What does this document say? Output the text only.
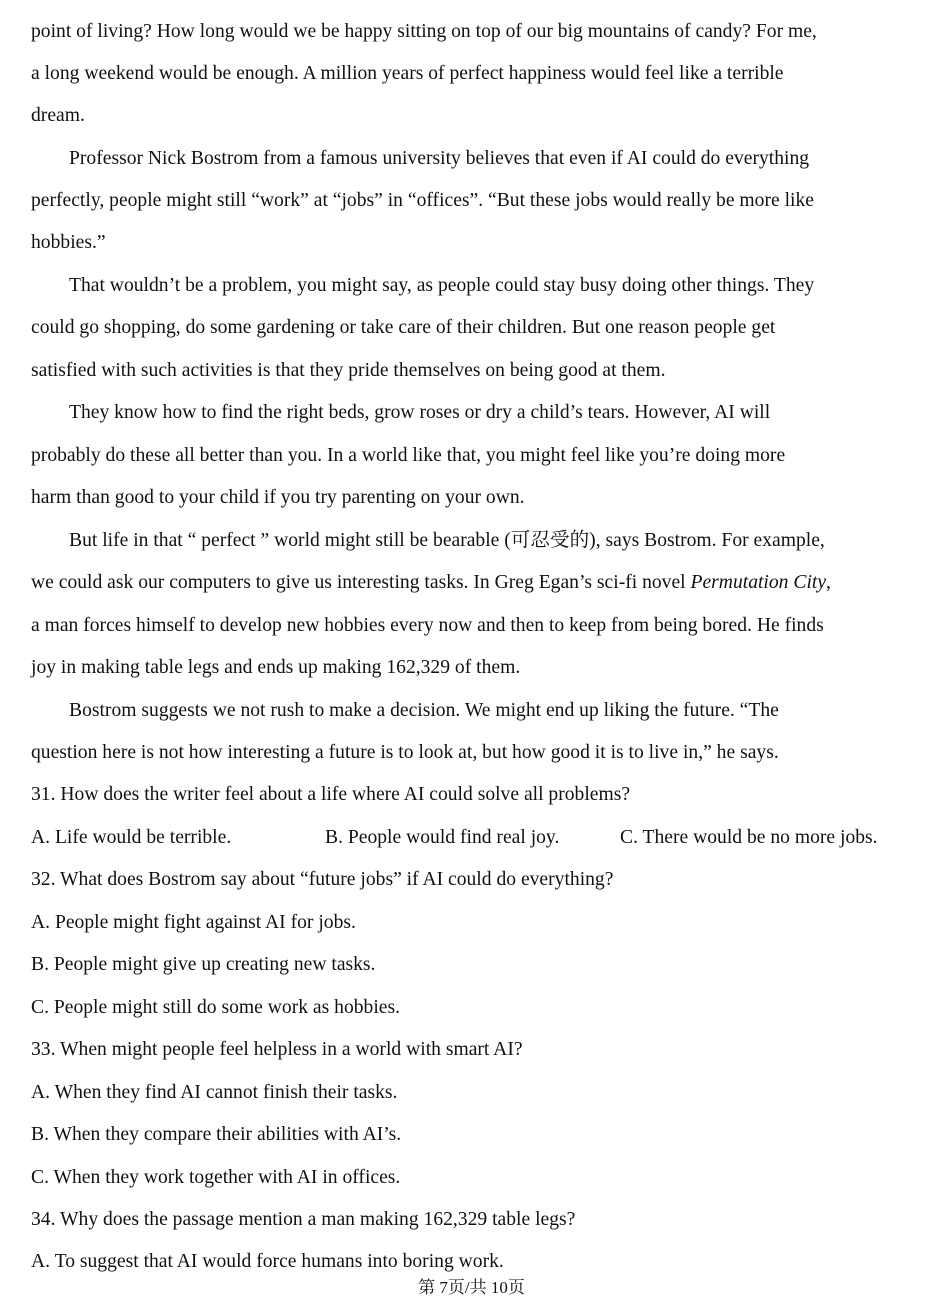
point of living? How long would we be happy sitting on top of our big mountains of candy? For me,
a long weekend would be enough. A million years of perfect happiness would feel like a terrible
dream.
Professor Nick Bostrom from a famous university believes that even if AI could do everything
perfectly, people might still “work” at “jobs” in “offices”. “But these jobs would really be more like
hobbies.”
That wouldn’t be a problem, you might say, as people could stay busy doing other things. They
could go shopping, do some gardening or take care of their children. But one reason people get
satisfied with such activities is that they pride themselves on being good at them.
They know how to find the right beds, grow roses or dry a child’s tears. However, AI will
probably do these all better than you. In a world like that, you might feel like you’re doing more
harm than good to your child if you try parenting on your own.
But life in that “ perfect ” world might still be bearable (可忍受的), says Bostrom. For example,
we could ask our computers to give us interesting tasks. In Greg Egan’s sci-fi novel Permutation City,
a man forces himself to develop new hobbies every now and then to keep from being bored. He finds
joy in making table legs and ends up making 162,329 of them.
Bostrom suggests we not rush to make a decision. We might end up liking the future. “The
question here is not how interesting a future is to look at, but how good it is to live in,” he says.
31. How does the writer feel about a life where AI could solve all problems?
A. Life would be terrible.	B. People would find real joy.	C. There would be no more jobs.
32. What does Bostrom say about “future jobs” if AI could do everything?
A. People might fight against AI for jobs.
B. People might give up creating new tasks.
C. People might still do some work as hobbies.
33. When might people feel helpless in a world with smart AI?
A. When they find AI cannot finish their tasks.
B. When they compare their abilities with AI’s.
C. When they work together with AI in offices.
34. Why does the passage mention a man making 162,329 table legs?
A. To suggest that AI would force humans into boring work.
第 7页/共 10页
